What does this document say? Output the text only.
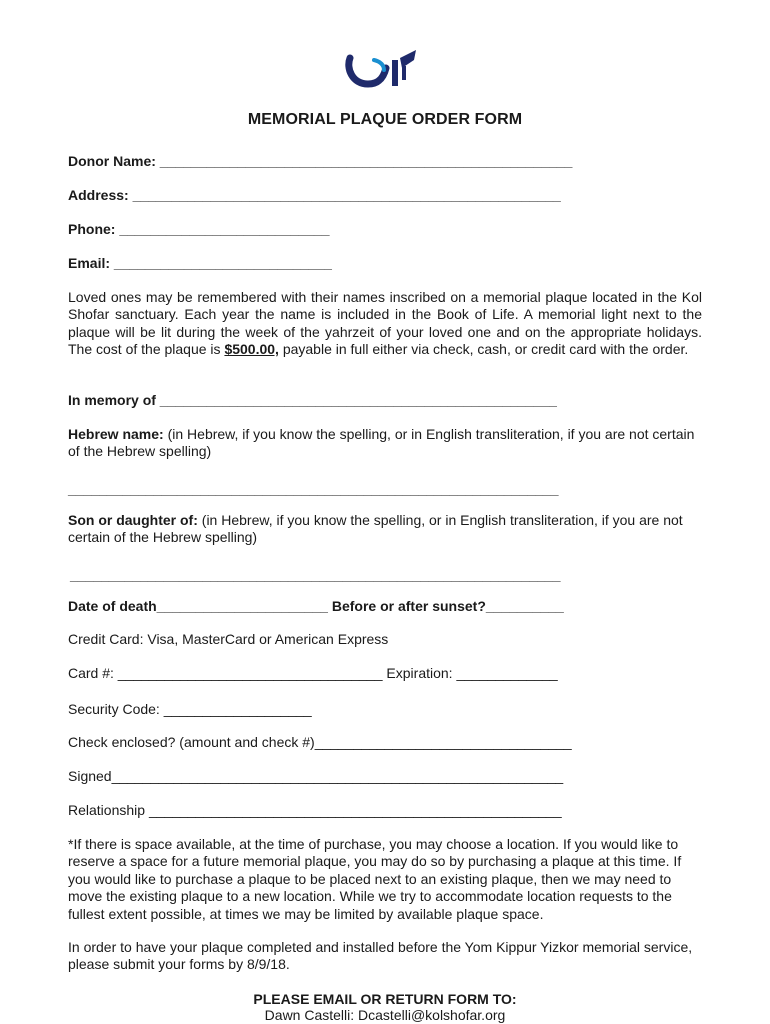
MEMORIAL PLAQUE ORDER FORM
Donor Name: _____________________________________________________
Address: _______________________________________________________
Phone: ___________________________
Email: ____________________________
Loved ones may be remembered with their names inscribed on a memorial plaque located in the Kol Shofar sanctuary. Each year the name is included in the Book of Life. A memorial light next to the plaque will be lit during the week of the yahrzeit of your loved one and on the appropriate holidays. The cost of the plaque is $500.00, payable in full either via check, cash, or credit card with the order.
In memory of ___________________________________________________
Hebrew name: (in Hebrew, if you know the spelling, or in English transliteration, if you are not certain of the Hebrew spelling)
_______________________________________________________________
Son or daughter of: (in Hebrew, if you know the spelling, or in English transliteration, if you are not certain of the Hebrew spelling)
_______________________________________________________________
Date of death______________________ Before or after sunset?__________
Credit Card: Visa, MasterCard or American Express
Card #: __________________________________ Expiration: _____________
Security Code: ___________________
Check enclosed? (amount and check #)_________________________________
Signed__________________________________________________________
Relationship _____________________________________________________
*If there is space available, at the time of purchase, you may choose a location. If you would like to reserve a space for a future memorial plaque, you may do so by purchasing a plaque at this time. If you would like to purchase a plaque to be placed next to an existing plaque, then we may need to move the existing plaque to a new location. While we try to accommodate location requests to the fullest extent possible, at times we may be limited by available plaque space.
In order to have your plaque completed and installed before the Yom Kippur Yizkor memorial service, please submit your forms by 8/9/18.
PLEASE EMAIL OR RETURN FORM TO:
Dawn Castelli: Dcastelli@kolshofar.org
